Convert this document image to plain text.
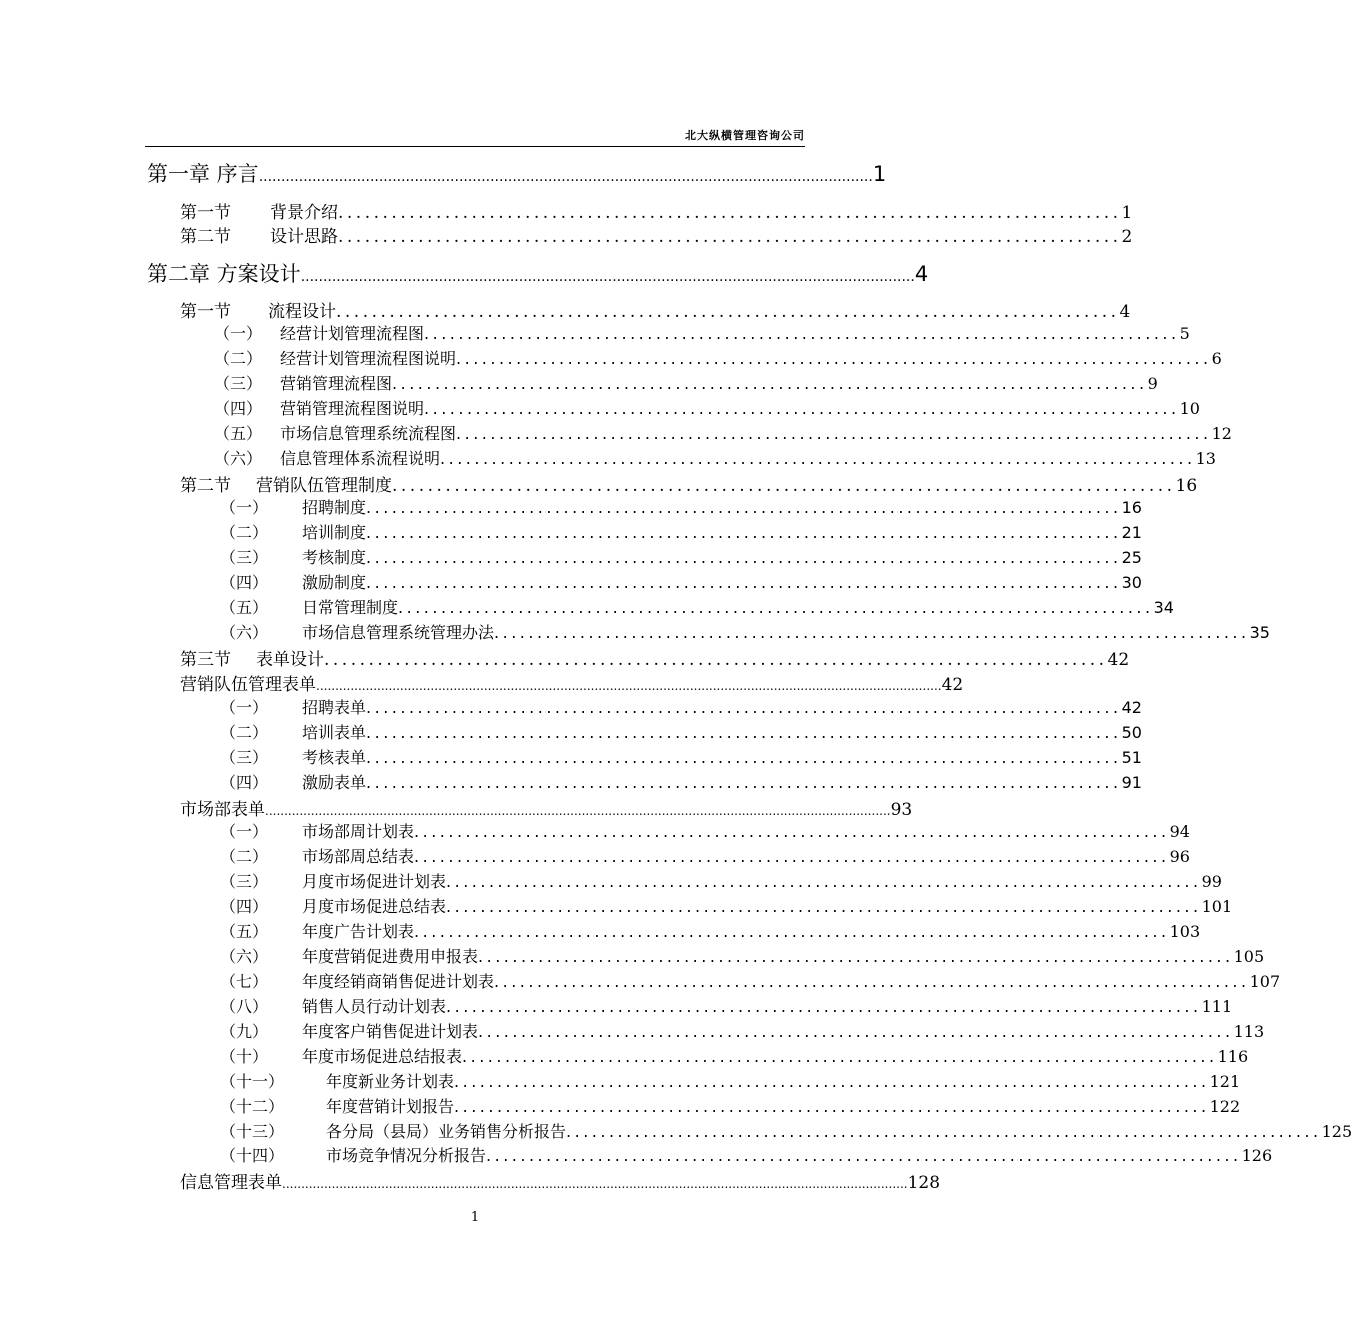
北大纵横管理咨询公司
第一章 序言 .......................................................................................................................................... 1
第一节	背景介绍 ........................................................................................ 1
第二节	设计思路 ........................................................................................ 2
第二章 方案设计 .......................................................................................................................................... 4
第一节	流程设计 ........................................................................................ 4
（一）	经营计划管理流程图 ........................................................................................ 5
（二）	经营计划管理流程图说明 ........................................................................................ 6
（三）	营销管理流程图 ........................................................................................ 9
（四）	营销管理流程图说明 ........................................................................................ 10
（五）	市场信息管理系统流程图 ........................................................................................ 12
（六）	信息管理体系流程说明 ........................................................................................ 13
第二节	营销队伍管理制度 ........................................................................................ 16
（一）	招聘制度 ........................................................................................ 16
（二）	培训制度 ........................................................................................ 21
（三）	考核制度 ........................................................................................ 25
（四）	激励制度 ........................................................................................ 30
（五）	日常管理制度 ........................................................................................ 34
（六）	市场信息管理系统管理办法 ........................................................................................ 35
第三节	表单设计 ........................................................................................ 42
营销队伍管理表单 .................................................................................................................................................................... 42
（一）	招聘表单 ........................................................................................ 42
（二）	培训表单 ........................................................................................ 50
（三）	考核表单 ........................................................................................ 51
（四）	激励表单 ........................................................................................ 91
市场部表单 .................................................................................................................................................................... 93
（一）	市场部周计划表 ........................................................................................ 94
（二）	市场部周总结表 ........................................................................................ 96
（三）	月度市场促进计划表 ........................................................................................ 99
（四）	月度市场促进总结表 ........................................................................................ 101
（五）	年度广告计划表 ........................................................................................ 103
（六）	年度营销促进费用申报表 ........................................................................................ 105
（七）	年度经销商销售促进计划表 ........................................................................................ 107
（八）	销售人员行动计划表 ........................................................................................ 111
（九）	年度客户销售促进计划表 ........................................................................................ 113
（十）	年度市场促进总结报表 ........................................................................................ 116
（十一）	年度新业务计划表 ........................................................................................ 121
（十二）	年度营销计划报告 ........................................................................................ 122
（十三）	各分局（县局）业务销售分析报告 ........................................................................................ 125
（十四）	市场竞争情况分析报告 ........................................................................................ 126
信息管理表单 .................................................................................................................................................................... 128
1
